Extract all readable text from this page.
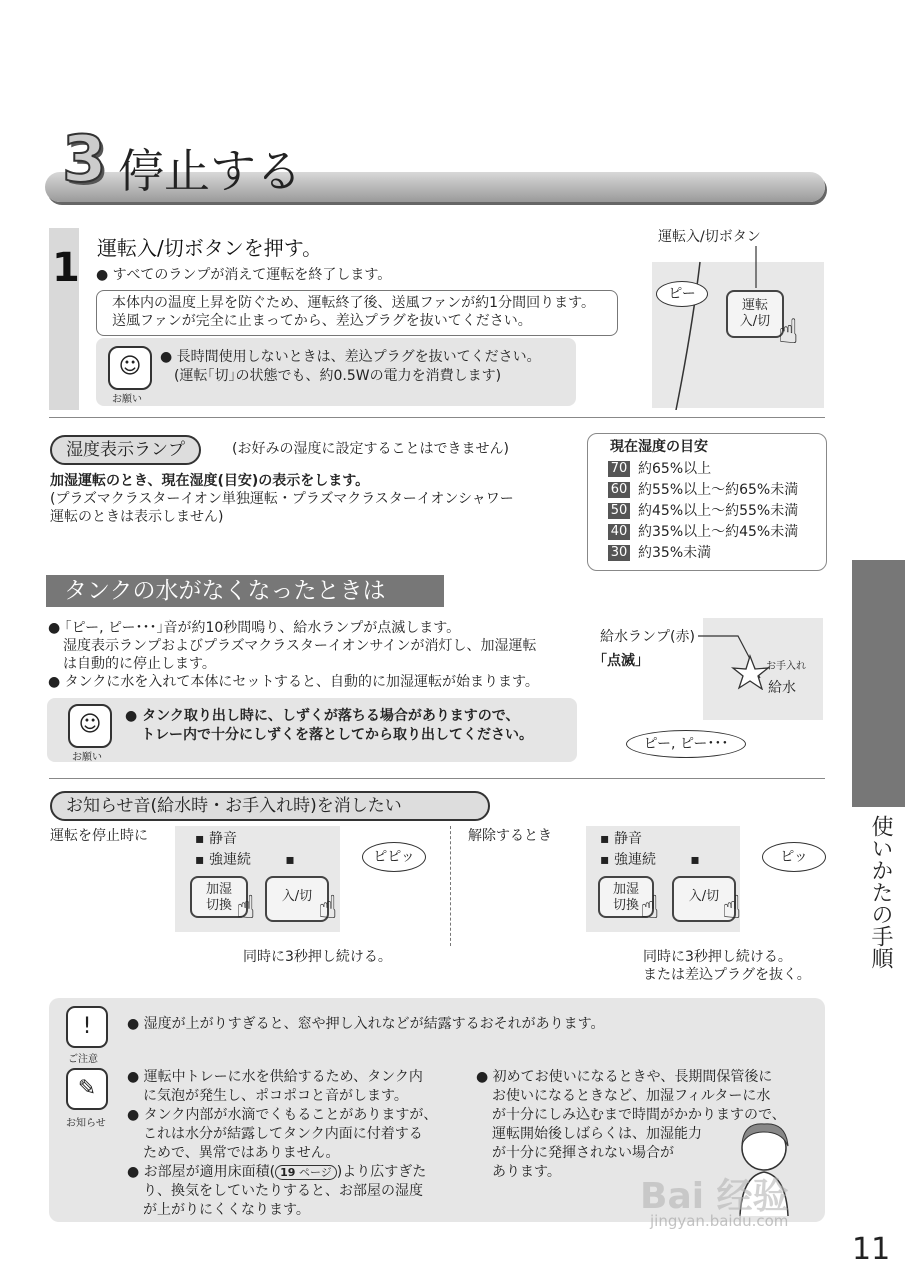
3 停止する
1 運転入/切ボタンを押す。
● すべてのランプが消えて運転を終了します。
本体内の温度上昇を防ぐため、運転終了後、送風ファンが約1分間回ります。
送風ファンが完全に止まってから、差込プラグを抜いてください。
☺
お願い
● 長時間使用しないときは、差込プラグを抜いてください。
(運転｢切｣の状態でも、約0.5Wの電力を消費します)
運転入/切ボタン
ピー
運転
入/切 ☝
湿度表示ランプ	(お好みの湿度に設定することはできません)
加湿運転のとき、現在湿度(目安)の表示をします。
(プラズマクラスターイオン単独運転・プラズマクラスターイオンシャワー
運転のときは表示しません)
現在湿度の目安
70 約65%以上
60 約55%以上～約65%未満
50 約45%以上～約55%未満
40 約35%以上～約45%未満
30 約35%未満
タンクの水がなくなったときは
● ｢ピー, ピー･･･｣音が約10秒間鳴り、給水ランプが点滅します。
湿度表示ランプおよびプラズマクラスターイオンサインが消灯し、加湿運転
は自動的に停止します。
● タンクに水を入れて本体にセットすると、自動的に加湿運転が始まります。
☺
お願い
● タンク取り出し時に、しずくが落ちる場合がありますので、
トレー内で十分にしずくを落としてから取り出してください。
給水ランプ(赤)
｢点滅｣	お手入れ
給水
ピー, ピー･･･
お知らせ音(給水時・お手入れ時)を消したい
運転を停止時に	解除するとき
▪ 静音
▪ 強連続 ▪
加湿
切換
入/切
☝ ☝
ピピッ
同時に3秒押し続ける。
▪ 静音
▪ 強連続 ▪
加湿
切換
入/切
☝ ☝
ピッ
同時に3秒押し続ける。
または差込プラグを抜く。
使いかたの手順
!
ご注意
● 湿度が上がりすぎると、窓や押し入れなどが結露するおそれがあります。
✎
お知らせ
● 運転中トレーに水を供給するため、タンク内
に気泡が発生し、ポコポコと音がします。
● タンク内部が水滴でくもることがありますが、
これは水分が結露してタンク内面に付着する
ためで、異常ではありません。
● お部屋が適用床面積( 19 ページ )より広すぎた
り、換気をしていたりすると、お部屋の湿度
が上がりにくくなります。
● 初めてお使いになるときや、長期間保管後に
お使いになるときなど、加湿フィルターに水
が十分にしみ込むまで時間がかかりますので、
運転開始後しばらくは、加湿能力
が十分に発揮されない場合が
あります。
Bai 经验
jingyan.baidu.com
11
